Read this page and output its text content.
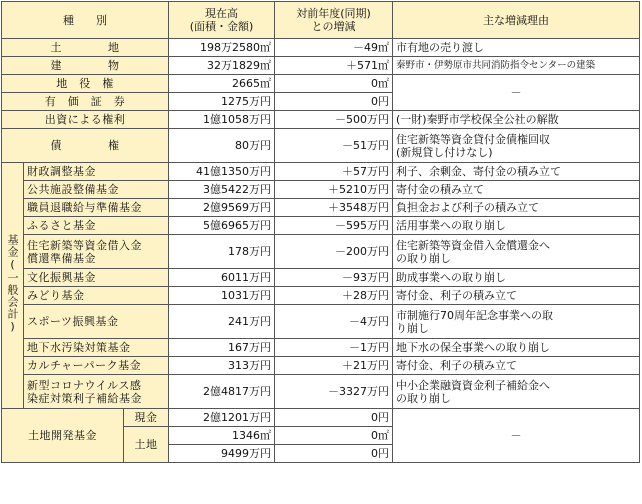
種　　別			現在高
(面積・金額)	対前年度(同期)
との増減	主な増減理由
土　　　　地			198万2580㎡	－49㎡	市有地の売り渡し
建　　　　物			32万1829㎡	＋571㎡	秦野市・伊勢原市共同消防指令センターの建築
地　役　権			2665㎡	0㎡	－
有　価　証　券			1275万円	0円	
出資による権利			1億1058万円	－500万円	(一財)秦野市学校保全公社の解散
債　　　　権			80万円	－51万円	住宅新築等資金貸付金債権回収
(新規貸し付けなし)
基金(一般会計)	財政調整基金		41億1350万円	＋57万円	利子、余剰金、寄付金の積み立て
	公共施設整備基金		3億5422万円	＋5210万円	寄付金の積み立て
	職員退職給与準備基金		2億9569万円	＋3548万円	負担金および利子の積み立て
	ふるさと基金		5億6965万円	－595万円	活用事業への取り崩し
	住宅新築等資金借入金
償還準備基金		178万円	－200万円	住宅新築等資金借入金償還金へ
の取り崩し
	文化振興基金		6011万円	－93万円	助成事業への取り崩し
	みどり基金		1031万円	＋28万円	寄付金、利子の積み立て
	スポーツ振興基金		241万円	－4万円	市制施行70周年記念事業への取
り崩し
	地下水汚染対策基金		167万円	－1万円	地下水の保全事業への取り崩し
	カルチャーパーク基金		313万円	＋21万円	寄付金、利子の積み立て
	新型コロナウイルス感
染症対策利子補給基金		2億4817万円	－3327万円	中小企業融資資金利子補給金へ
の取り崩し
土地開発基金		現金	2億1201万円	0円	－
		土地	1346㎡	0㎡	
			9499万円	0円	
